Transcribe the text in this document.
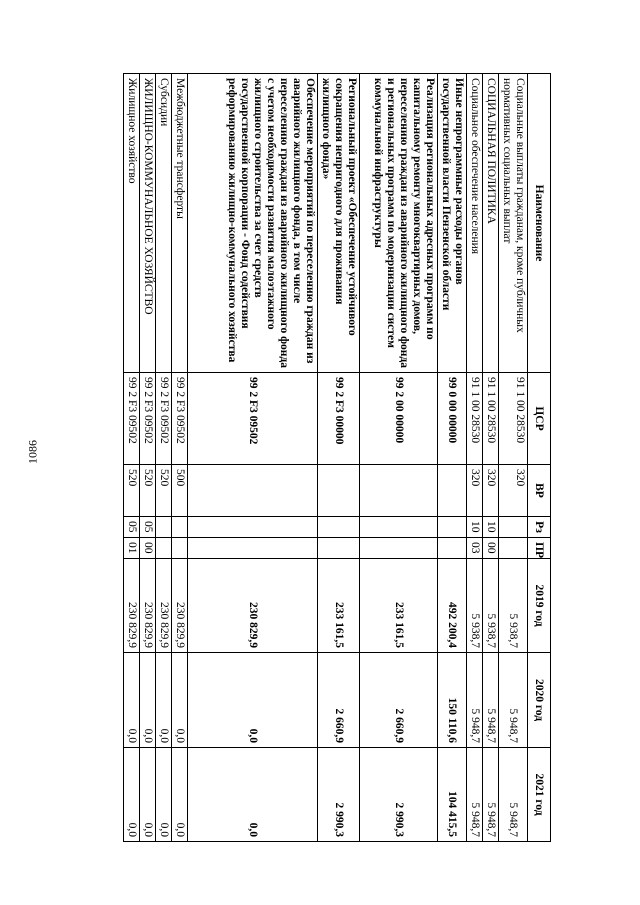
1086
Наименование	ЦСР	ВР	Рз	ПР	2019 год	2020 год	2021 год
Социальные выплаты гражданам, кроме публичных нормативных социальных выплат	91 1 00 28530	320			5 938,7	5 948,7	5 948,7
СОЦИАЛЬНАЯ ПОЛИТИКА	91 1 00 28530	320	10	00	5 938,7	5 948,7	5 948,7
Социальное обеспечение населения	91 1 00 28530	320	10	03	5 938,7	5 948,7	5 948,7
Иные непрограммные расходы органов государственной власти Пензенской области	99 0 00 00000				492 200,4	150 110,6	104 415,5
Реализация региональных адресных программ по капитальному ремонту многоквартирных домов, переселению граждан из аварийного жилищного фонда и региональных программ по модернизации систем коммунальной инфраструктуры	99 2 00 00000				233 161,5	2 660,9	2 990,3
Региональный проект «Обеспечение устойчивого сокращения непригодного для проживания жилищного фонда»	99 2 F3 00000				233 161,5	2 660,9	2 990,3
Обеспечение мероприятий по переселению граждан из аварийного жилищного фонда, в том числе переселению граждан из аварийного жилищного фонда с учетом необходимости развития малоэтажного жилищного строительства за счет средств государственной корпорации - Фонд содействия реформированию жилищно-коммунального хозяйства	99 2 F3 09502				230 829,9	0,0	0,0
Межбюджетные трансферты	99 2 F3 09502	500			230 829,9	0,0	0,0
Субсидии	99 2 F3 09502	520			230 829,9	0,0	0,0
ЖИЛИЩНО-КОММУНАЛЬНОЕ ХОЗЯЙСТВО	99 2 F3 09502	520	05	00	230 829,9	0,0	0,0
Жилищное хозяйство	99 2 F3 09502	520	05	01	230 829,9	0,0	0,0
